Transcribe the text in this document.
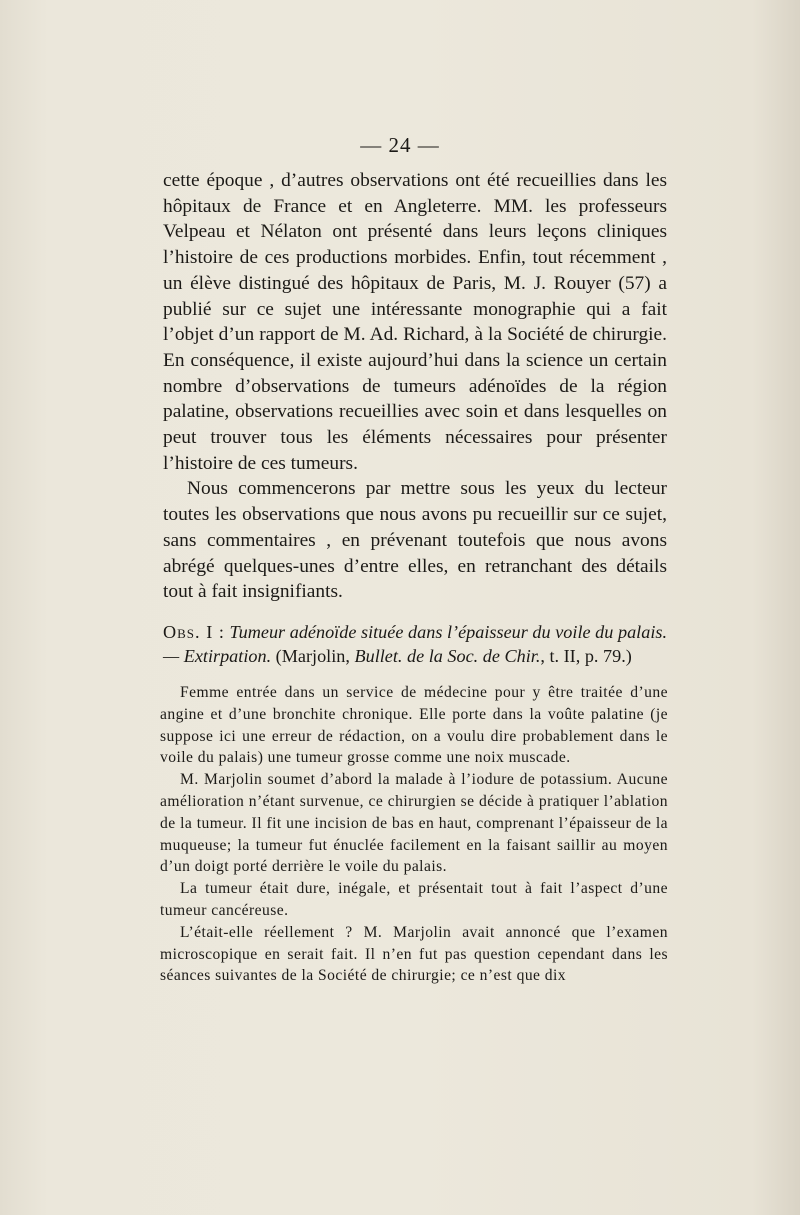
— 24 —

cette époque , d’autres observations ont été recueillies dans les hôpitaux de France et en Angleterre. MM. les professeurs Velpeau et Nélaton ont présenté dans leurs leçons cliniques l’histoire de ces productions morbides. Enfin, tout récemment , un élève distingué des hôpitaux de Paris, M. J. Rouyer (57) a publié sur ce sujet une intéressante monographie qui a fait l’objet d’un rapport de M. Ad. Richard, à la Société de chirurgie. En conséquence, il existe aujourd’hui dans la science un certain nombre d’observations de tumeurs adénoïdes de la région palatine, observations recueillies avec soin et dans lesquelles on peut trouver tous les éléments nécessaires pour présenter l’histoire de ces tumeurs.

Nous commencerons par mettre sous les yeux du lecteur toutes les observations que nous avons pu recueillir sur ce sujet, sans commentaires , en prévenant toutefois que nous avons abrégé quelques-unes d’entre elles, en retranchant des détails tout à fait insignifiants.

Obs. I : Tumeur adénoïde située dans l’épaisseur du voile du palais. — Extirpation. (Marjolin, Bullet. de la Soc. de Chir., t. II, p. 79.)

Femme entrée dans un service de médecine pour y être traitée d’une angine et d’une bronchite chronique. Elle porte dans la voûte palatine (je suppose ici une erreur de rédaction, on a voulu dire probablement dans le voile du palais) une tumeur grosse comme une noix muscade.

M. Marjolin soumet d’abord la malade à l’iodure de potassium. Aucune amélioration n’étant survenue, ce chirurgien se décide à pratiquer l’ablation de la tumeur. Il fit une incision de bas en haut, comprenant l’épaisseur de la muqueuse; la tumeur fut énuclée facilement en la faisant saillir au moyen d’un doigt porté derrière le voile du palais.

La tumeur était dure, inégale, et présentait tout à fait l’aspect d’une tumeur cancéreuse.

L’était-elle réellement ? M. Marjolin avait annoncé que l’examen microscopique en serait fait. Il n’en fut pas question cependant dans les séances suivantes de la Société de chirurgie; ce n’est que dix
